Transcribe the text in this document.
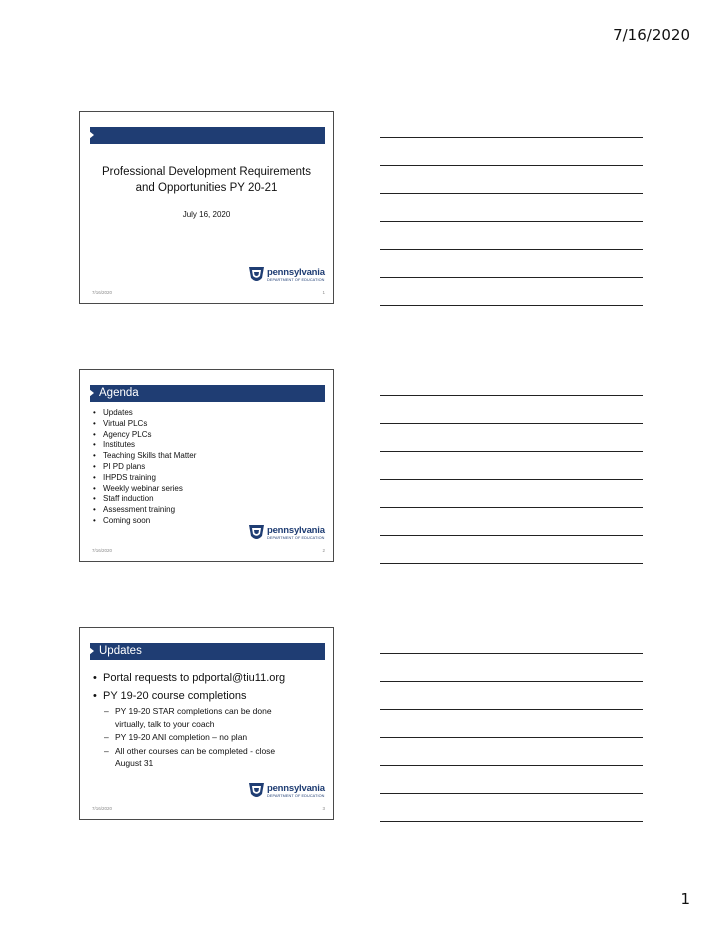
7/16/2020
Professional Development Requirements
and Opportunities PY 20-21
July 16, 2020
pennsylvania
DEPARTMENT OF EDUCATION
7/16/2020	1
Agenda
• Updates
• Virtual PLCs
• Agency PLCs
• Institutes
• Teaching Skills that Matter
• PI PD plans
• IHPDS training
• Weekly webinar series
• Staff induction
• Assessment training
• Coming soon
pennsylvania
DEPARTMENT OF EDUCATION
7/16/2020	2
Updates
• Portal requests to pdportal@tiu11.org
• PY 19-20 course completions
– PY 19-20 STAR completions can be done
virtually, talk to your coach
– PY 19-20 ANI completion – no plan
– All other courses can be completed - close
August 31
pennsylvania
DEPARTMENT OF EDUCATION
7/16/2020	3
1
